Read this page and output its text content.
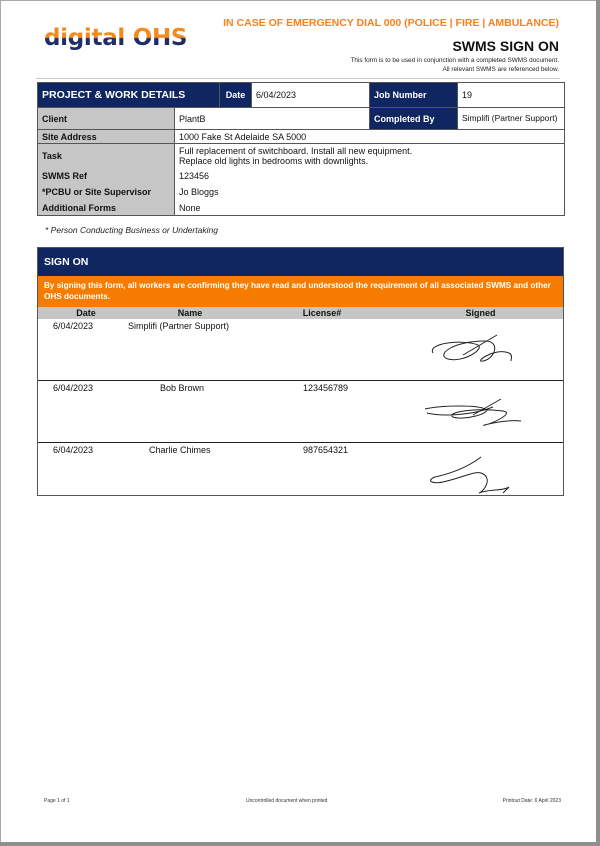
digital OHS
IN CASE OF EMERGENCY DIAL 000 (POLICE | FIRE | AMBULANCE)
SWMS SIGN ON
This form is to be used in conjunction with a completed SWMS document.
All relevant SWMS are referenced below.
PROJECT & WORK DETAILS		Date	6/04/2023	Job Number	19
Client	PlantB			Completed By	Simplifi (Partner Support)
Site Address	1000 Fake St Adelaide SA 5000				
Task	Full replacement of switchboard. Install all new equipment.
Replace old lights in bedrooms with downlights.				

SWMS Ref	123456				
*PCBU or Site Supervisor	Jo Bloggs				
Additional Forms	None				
* Person Conducting Business or Undertaking
SIGN ON
By signing this form, all workers are confirming they have read and understood the requirement of all associated SWMS and other OHS documents.
Date	Name	License#	Signed
6/04/2023	Simplifi (Partner Support)
6/04/2023	Bob Brown	123456789
6/04/2023	Charlie Chimes	987654321
Page 1 of 1	Uncontrolled document when printed	Printout Date: 6 April 2023
